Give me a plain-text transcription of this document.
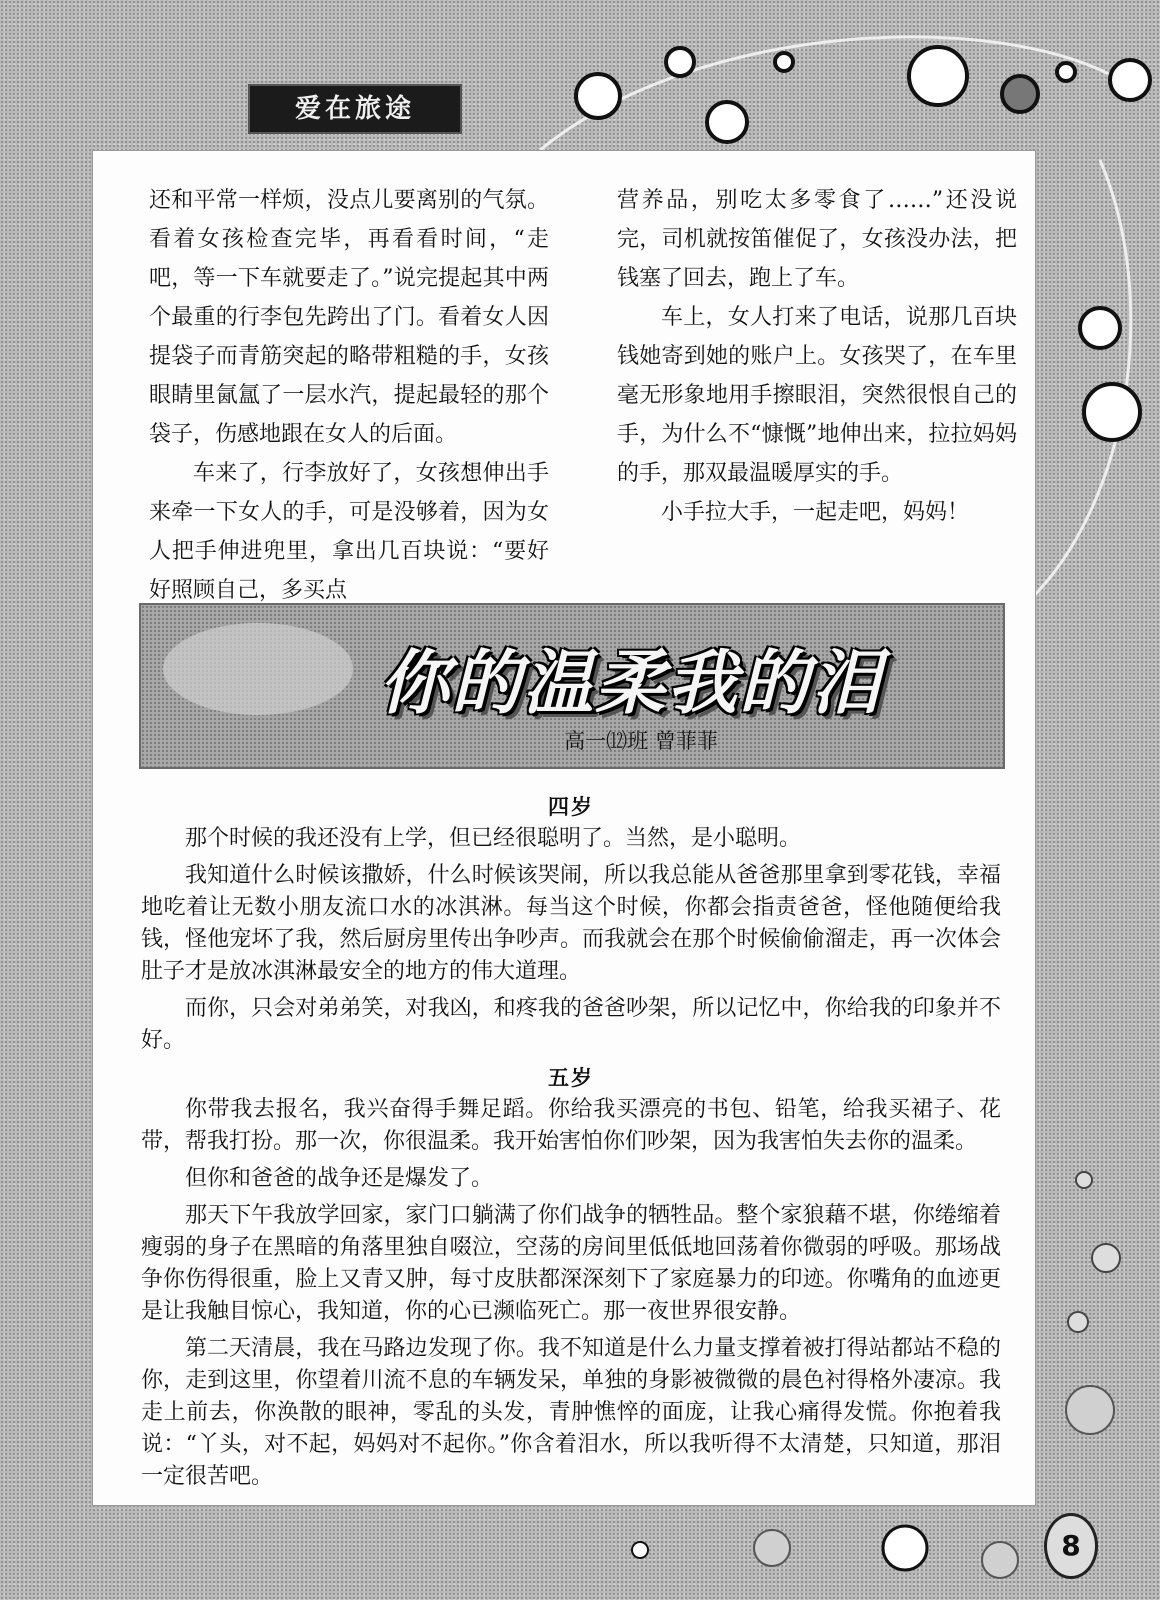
爱在旅途

还和平常一样烦，没点儿要离别的气氛。看着女孩检查完毕，再看看时间，“走吧，等一下车就要走了。”说完提起其中两个最重的行李包先跨出了门。看着女人因提袋子而青筋突起的略带粗糙的手，女孩眼睛里氤氲了一层水汽，提起最轻的那个袋子，伤感地跟在女人的后面。

车来了，行李放好了，女孩想伸出手来牵一下女人的手，可是没够着，因为女人把手伸进兜里，拿出几百块说：“要好好照顾自己，多买点

营养品，别吃太多零食了……”还没说完，司机就按笛催促了，女孩没办法，把钱塞了回去，跑上了车。

车上，女人打来了电话，说那几百块钱她寄到她的账户上。女孩哭了，在车里毫无形象地用手擦眼泪，突然很恨自己的手，为什么不“慷慨”地伸出来，拉拉妈妈的手，那双最温暖厚实的手。

小手拉大手，一起走吧，妈妈！

你的温柔我的泪
高一⑿班 曾菲菲
四岁

那个时候的我还没有上学，但已经很聪明了。当然，是小聪明。

我知道什么时候该撒娇，什么时候该哭闹，所以我总能从爸爸那里拿到零花钱，幸福地吃着让无数小朋友流口水的冰淇淋。每当这个时候，你都会指责爸爸，怪他随便给我钱，怪他宠坏了我，然后厨房里传出争吵声。而我就会在那个时候偷偷溜走，再一次体会肚子才是放冰淇淋最安全的地方的伟大道理。

而你，只会对弟弟笑，对我凶，和疼我的爸爸吵架，所以记忆中，你给我的印象并不好。

五岁

你带我去报名，我兴奋得手舞足蹈。你给我买漂亮的书包、铅笔，给我买裙子、花带，帮我打扮。那一次，你很温柔。我开始害怕你们吵架，因为我害怕失去你的温柔。

但你和爸爸的战争还是爆发了。

那天下午我放学回家，家门口躺满了你们战争的牺牲品。整个家狼藉不堪，你绻缩着瘦弱的身子在黑暗的角落里独自啜泣，空荡的房间里低低地回荡着你微弱的呼吸。那场战争你伤得很重，脸上又青又肿，每寸皮肤都深深刻下了家庭暴力的印迹。你嘴角的血迹更是让我触目惊心，我知道，你的心已濒临死亡。那一夜世界很安静。

第二天清晨，我在马路边发现了你。我不知道是什么力量支撑着被打得站都站不稳的你，走到这里，你望着川流不息的车辆发呆，单独的身影被微微的晨色衬得格外凄凉。我走上前去，你涣散的眼神，零乱的头发，青肿憔悴的面庞，让我心痛得发慌。你抱着我说：“丫头，对不起，妈妈对不起你。”你含着泪水，所以我听得不太清楚，只知道，那泪一定很苦吧。

8
